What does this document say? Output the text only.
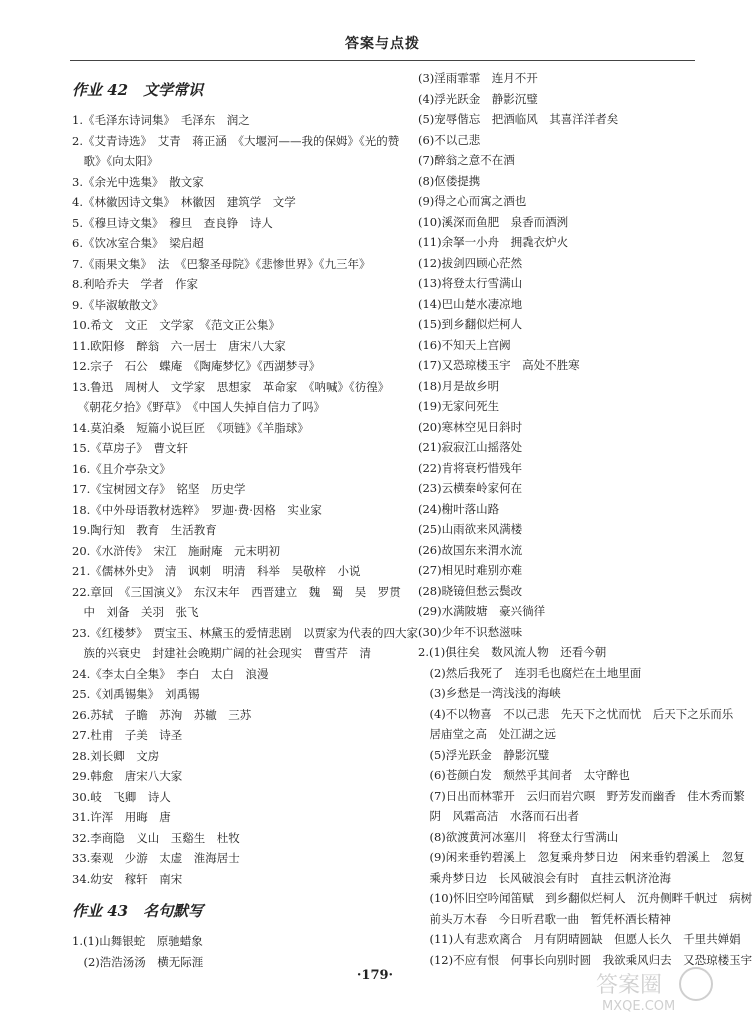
答案与点拨
作业 42　文学常识
1.《毛泽东诗词集》　毛泽东　润之
2.《艾青诗选》　艾青　蒋正涵　《大堰河——我的保姆》《光的赞
　歌》《向太阳》
3.《余光中选集》　散文家
4.《林徽因诗文集》　林徽因　建筑学　文学
5.《穆旦诗文集》　穆旦　查良铮　诗人
6.《饮冰室合集》　梁启超
7.《雨果文集》　法　《巴黎圣母院》《悲惨世界》《九三年》
8.利哈乔夫　学者　作家
9.《毕淑敏散文》
10.希文　文正　文学家　《范文正公集》
11.欧阳修　醉翁　六一居士　唐宋八大家
12.宗子　石公　蝶庵　《陶庵梦忆》《西湖梦寻》
13.鲁迅　周树人　文学家　思想家　革命家　《呐喊》《彷徨》
　《朝花夕拾》《野草》　《中国人失掉自信力了吗》
14.莫泊桑　短篇小说巨匠　《项链》《羊脂球》
15.《草房子》　曹文轩
16.《且介亭杂文》
17.《宝树园文存》　铭坚　历史学
18.《中外母语教材选粹》　罗迦·费·因格　实业家
19.陶行知　教育　生活教育
20.《水浒传》　宋江　施耐庵　元末明初
21.《儒林外史》　清　讽刺　明清　科举　吴敬梓　小说
22.章回　《三国演义》　东汉末年　西晋建立　魏　蜀　吴　罗贯
　中　刘备　关羽　张飞
23.《红楼梦》　贾宝玉、林黛玉的爱情悲剧　以贾家为代表的四大家
　族的兴衰史　封建社会晚期广阔的社会现实　曹雪芹　清
24.《李太白全集》　李白　太白　浪漫
25.《刘禹锡集》　刘禹锡
26.苏轼　子瞻　苏洵　苏辙　三苏
27.杜甫　子美　诗圣
28.刘长卿　文房
29.韩愈　唐宋八大家
30.岐　飞卿　诗人
31.许浑　用晦　唐
32.李商隐　义山　玉谿生　杜牧
33.秦观　少游　太虚　淮海居士
34.幼安　稼轩　南宋
作业 43　名句默写
1.(1)山舞银蛇　原驰蜡象
　(2)浩浩汤汤　横无际涯
(3)淫雨霏霏　连月不开
(4)浮光跃金　静影沉璧
(5)宠辱偕忘　把酒临风　其喜洋洋者矣
(6)不以己悲
(7)醉翁之意不在酒
(8)伛偻提携
(9)得之心而寓之酒也
(10)溪深而鱼肥　泉香而酒洌
(11)余拏一小舟　拥毳衣炉火
(12)拔剑四顾心茫然
(13)将登太行雪满山
(14)巴山楚水凄凉地
(15)到乡翻似烂柯人
(16)不知天上宫阙
(17)又恐琼楼玉宇　高处不胜寒
(18)月是故乡明
(19)无家问死生
(20)寒林空见日斜时
(21)寂寂江山摇落处
(22)肯将衰朽惜残年
(23)云横秦岭家何在
(24)榭叶落山路
(25)山雨欲来风满楼
(26)故国东来渭水流
(27)相见时难别亦难
(28)晓镜但愁云鬓改
(29)水满陂塘　豪兴徜徉
(30)少年不识愁滋味
2.(1)俱往矣　数风流人物　还看今朝
　(2)然后我死了　连羽毛也腐烂在土地里面
　(3)乡愁是一湾浅浅的海峡
　(4)不以物喜　不以己悲　先天下之忧而忧　后天下之乐而乐
　居庙堂之高　处江湖之远
　(5)浮光跃金　静影沉璧
　(6)苍颜白发　颓然乎其间者　太守醉也
　(7)日出而林霏开　云归而岩穴暝　野芳发而幽香　佳木秀而繁
　阴　风霜高洁　水落而石出者
　(8)欲渡黄河冰塞川　将登太行雪满山
　(9)闲来垂钓碧溪上　忽复乘舟梦日边　闲来垂钓碧溪上　忽复
　乘舟梦日边　长风破浪会有时　直挂云帆济沧海
　(10)怀旧空吟闻笛赋　到乡翻似烂柯人　沉舟侧畔千帆过　病树
　前头万木春　今日听君歌一曲　暂凭杯酒长精神
　(11)人有悲欢离合　月有阴晴圆缺　但愿人长久　千里共婵娟
　(12)不应有恨　何事长向别时圆　我欲乘风归去　又恐琼楼玉宇
·179·	答案圈
MXQE.COM
